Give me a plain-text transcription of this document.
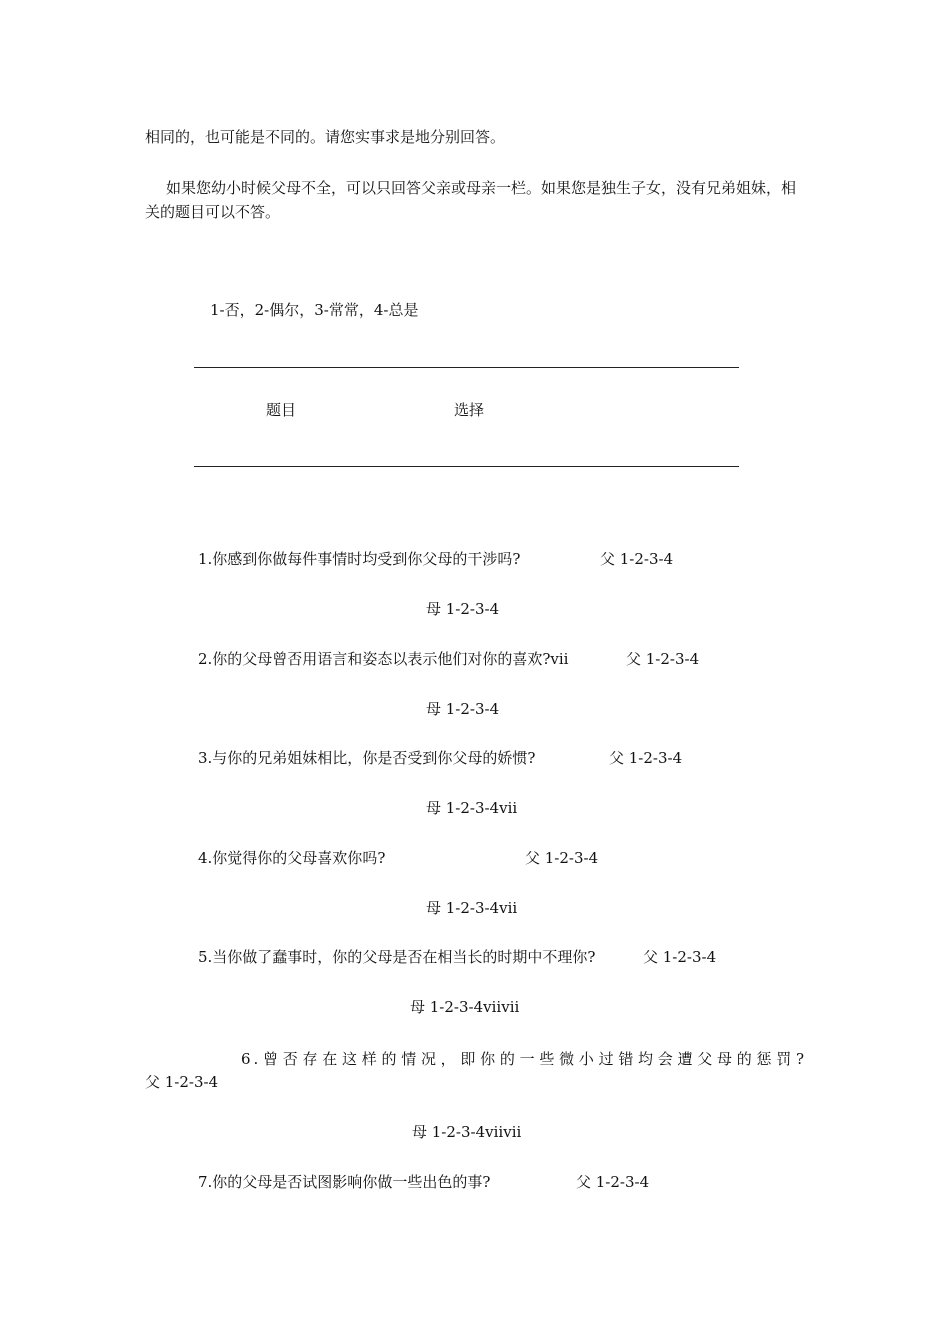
相同的，也可能是不同的。请您实事求是地分别回答。
如果您幼小时候父母不全，可以只回答父亲或母亲一栏。如果您是独生子女，没有兄弟姐妹，相关的题目可以不答。
1-否，2-偶尔，3-常常，4-总是
题目	选择
1.你感到你做每件事情时均受到你父母的干涉吗?	父 1-2-3-4
母 1-2-3-4
2.你的父母曾否用语言和姿态以表示他们对你的喜欢?ⅶ	父 1-2-3-4
母 1-2-3-4
3.与你的兄弟姐妹相比，你是否受到你父母的娇惯?	父 1-2-3-4
母 1-2-3-4ⅶ
4.你觉得你的父母喜欢你吗?	父 1-2-3-4
母 1-2-3-4ⅶ
5.当你做了蠢事时，你的父母是否在相当长的时期中不理你?	父 1-2-3-4
母 1-2-3-4ⅶⅶ
6.曾否存在这样的情况，即你的一些微小过错均会遭父母的惩罚?
父 1-2-3-4
母 1-2-3-4ⅶⅶ
7.你的父母是否试图影响你做一些出色的事?	父 1-2-3-4
